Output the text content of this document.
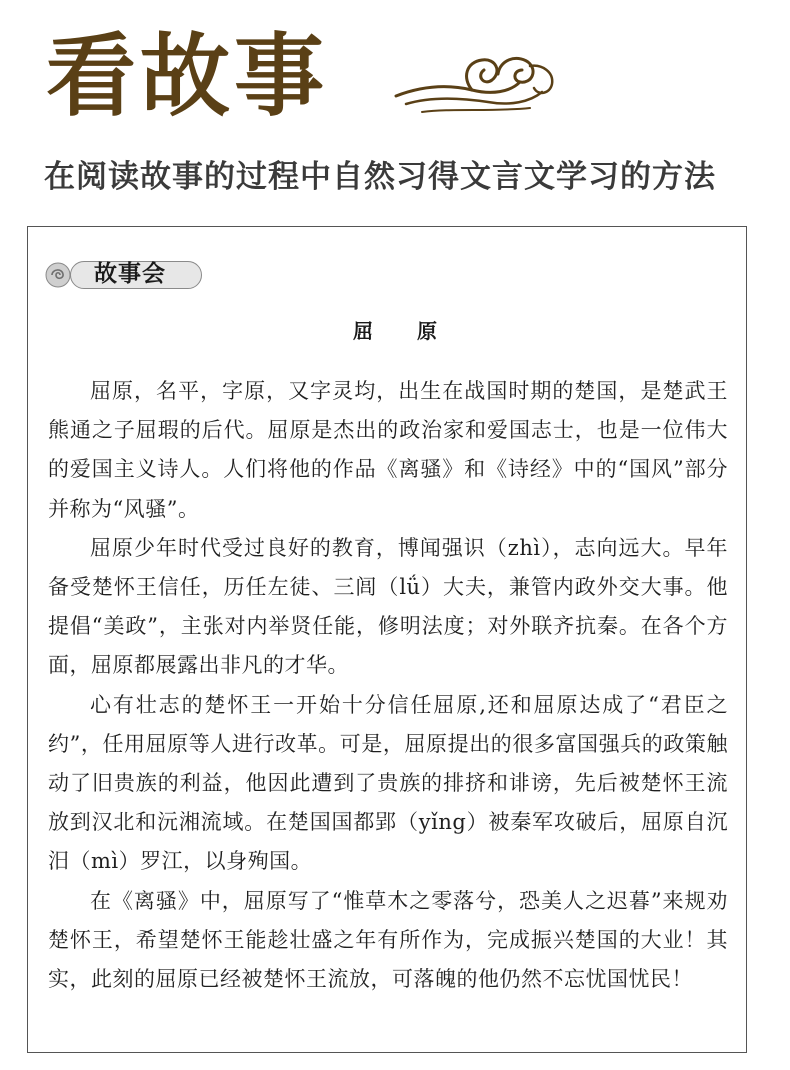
看故事
在阅读故事的过程中自然习得文言文学习的方法
故事会
屈 原

屈原，名平，字原，又字灵均，出生在战国时期的楚国，是楚武王熊通之子屈瑕的后代。屈原是杰出的政治家和爱国志士，也是一位伟大的爱国主义诗人。人们将他的作品《离骚》和《诗经》中的“国风”部分并称为“风骚”。

屈原少年时代受过良好的教育，博闻强识（zhì），志向远大。早年备受楚怀王信任，历任左徒、三闾（lǘ）大夫，兼管内政外交大事。他提倡“美政”，主张对内举贤任能，修明法度；对外联齐抗秦。在各个方面，屈原都展露出非凡的才华。

心有壮志的楚怀王一开始十分信任屈原,还和屈原达成了“君臣之约”，任用屈原等人进行改革。可是，屈原提出的很多富国强兵的政策触动了旧贵族的利益，他因此遭到了贵族的排挤和诽谤，先后被楚怀王流放到汉北和沅湘流域。在楚国国都郢（yǐng）被秦军攻破后，屈原自沉汨（mì）罗江，以身殉国。

在《离骚》中，屈原写了“惟草木之零落兮，恐美人之迟暮”来规劝楚怀王，希望楚怀王能趁壮盛之年有所作为，完成振兴楚国的大业！其实，此刻的屈原已经被楚怀王流放，可落魄的他仍然不忘忧国忧民！
